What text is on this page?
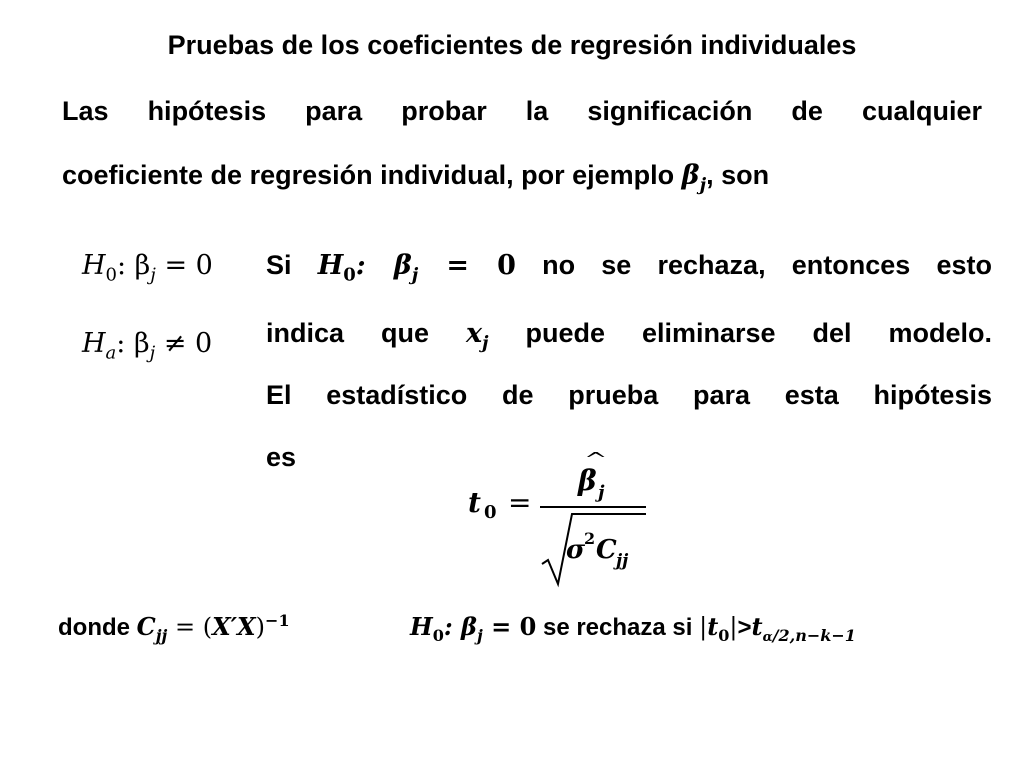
Pruebas de los coeficientes de regresión individuales
Las hipótesis para probar la significación de cualquier
coeficiente de regresión individual, por ejemplo $\beta_j$, son
$H_0$: $\beta_j = 0$
$H_a$: $\beta_j \ne 0$
Si $H_0$: $\beta_j = 0$ no se rechaza, entonces esto
indica que $x_j$ puede eliminarse del modelo.
El estadístico de prueba para esta hipótesis
es
t 0 =
^
β j
σ
2 C jj
donde $C_{jj} = (X'X)^{-1}$	$H_0$: $\beta_j = 0$ se rechaza si $|t_0|>t_{\alpha/2,n-k-1}$
